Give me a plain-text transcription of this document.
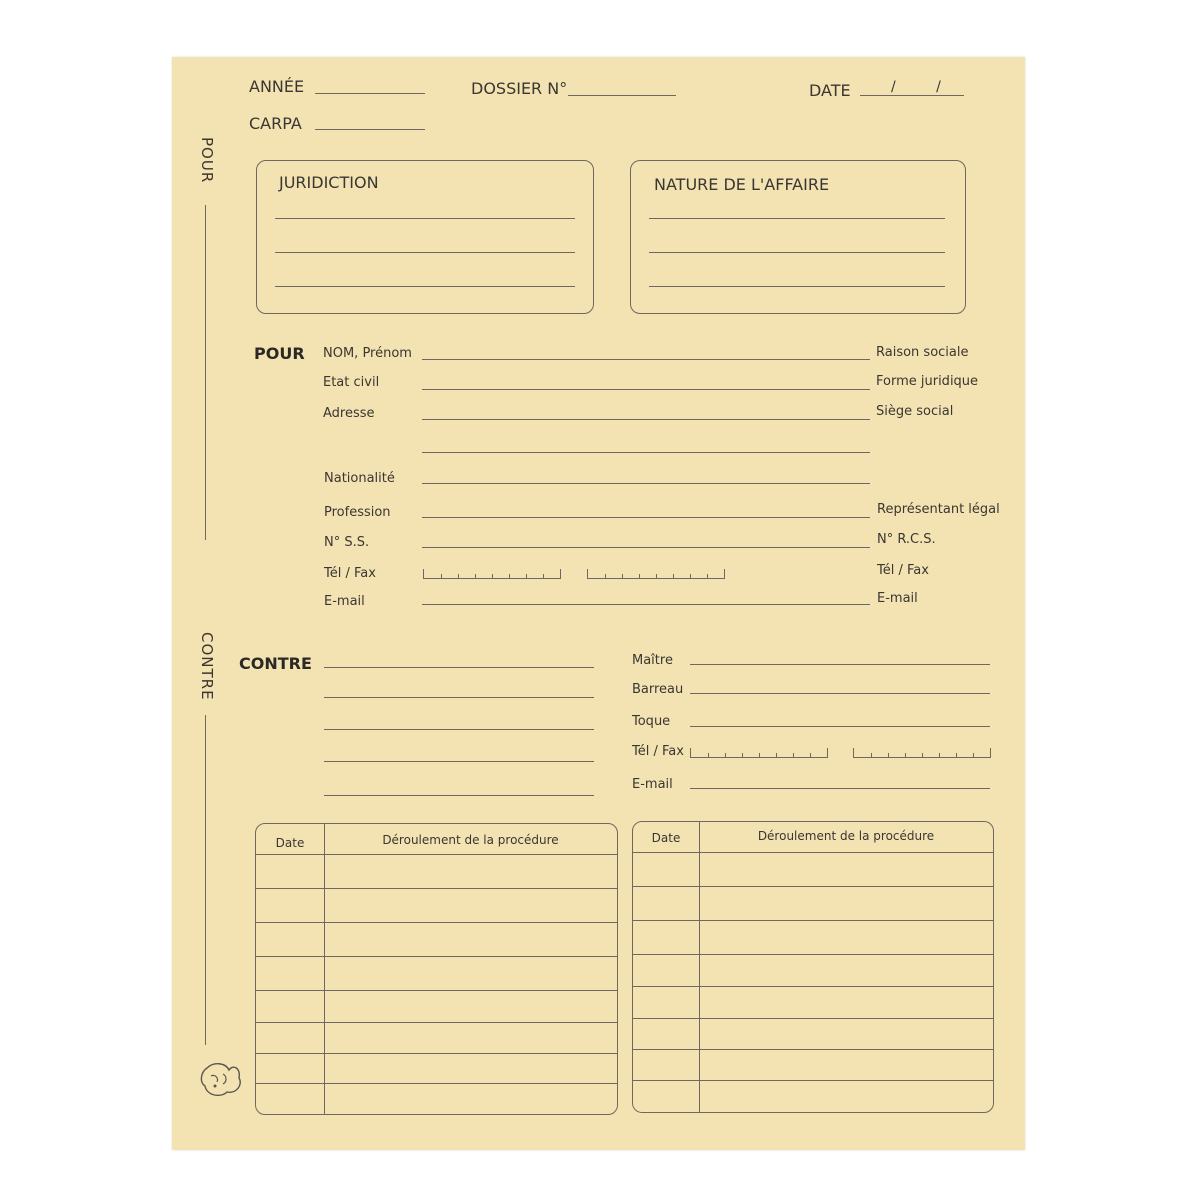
ANNÉE	DOSSIER N°	DATE	/ /
CARPA
POUR
CONTRE
JURIDICTION	NATURE DE L'AFFAIRE
POUR NOM, Prénom	Raison sociale
Etat civil	Forme juridique
Adresse	Siège social
Nationalité
Profession	Représentant légal
N° S.S.	N° R.C.S.
Tél / Fax	Tél / Fax
E-mail	E-mail
CONTRE	Maître
Barreau
Toque
Tél / Fax
E-mail
Date	Déroulement de la procédure	Date	Déroulement de la procédure
